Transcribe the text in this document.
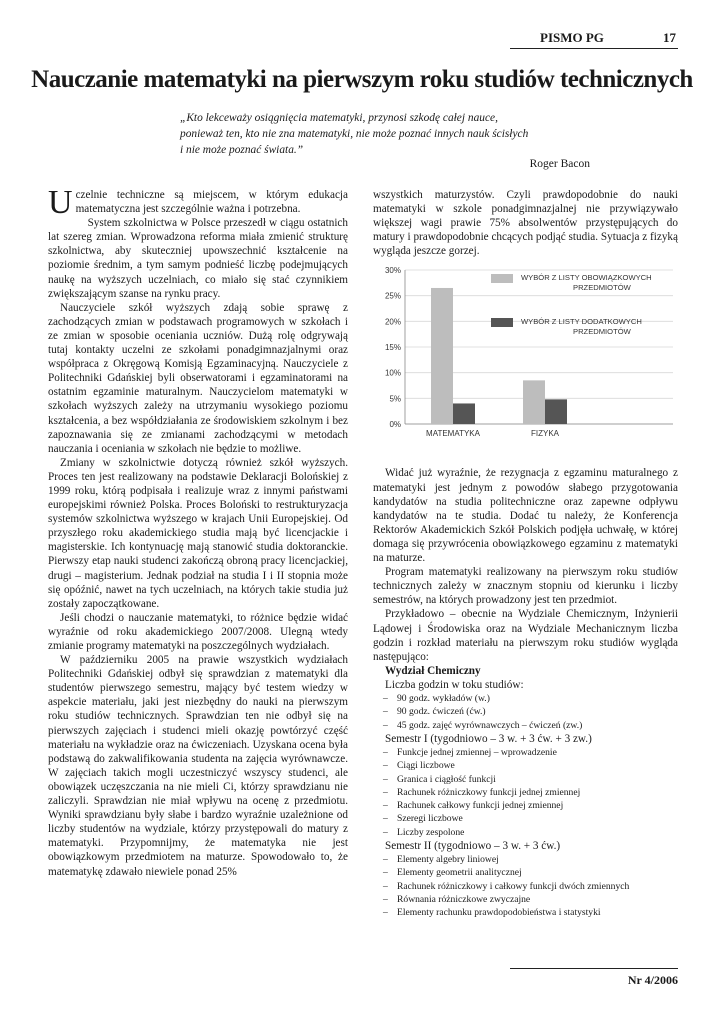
PISMO PG	17
Nauczanie matematyki na pierwszym roku studiów technicznych
„Kto lekceważy osiągnięcia matematyki, przynosi szkodę całej nauce,
ponieważ ten, kto nie zna matematyki, nie może poznać innych nauk ścisłych
i nie może poznać świata.”
Roger Bacon

Uczelnie techniczne są miejscem, w którym edukacja matematyczna jest szczególnie ważna i potrzebna.

System szkolnictwa w Polsce przeszedł w ciągu ostatnich lat szereg zmian. Wprowadzona reforma miała zmienić strukturę szkolnictwa, aby skuteczniej upowszechnić kształcenie na poziomie średnim, a tym samym podnieść liczbę podejmujących naukę na wyższych uczelniach, co miało się stać czynnikiem zwiększającym szanse na rynku pracy.

Nauczyciele szkół wyższych zdają sobie sprawę z zachodzących zmian w podstawach programowych w szkołach i ze zmian w sposobie oceniania uczniów. Dużą rolę odgrywają tutaj kontakty uczelni ze szkołami ponadgimnazjalnymi oraz współpraca z Okręgową Komisją Egzaminacyjną. Nauczyciele z Politechniki Gdańskiej byli obserwatorami i egzaminatorami na ostatnim egzaminie maturalnym. Nauczycielom matematyki w szkołach wyższych zależy na utrzymaniu wysokiego poziomu kształcenia, a bez współdziałania ze środowiskiem szkolnym i bez zapoznawania się ze zmianami zachodzącymi w metodach nauczania i oceniania w szkołach nie będzie to możliwe.

Zmiany w szkolnictwie dotyczą również szkół wyższych. Proces ten jest realizowany na podstawie Deklaracji Bolońskiej z 1999 roku, którą podpisała i realizuje wraz z innymi państwami europejskimi również Polska. Proces Boloński to restrukturyzacja systemów szkolnictwa wyższego w krajach Unii Europejskiej. Od przyszłego roku akademickiego studia mają być licencjackie i magisterskie. Ich kontynuację mają stanowić studia doktoranckie. Pierwszy etap nauki studenci zakończą obroną pracy licencjackiej, drugi – magisterium. Jednak podział na studia I i II stopnia może się opóźnić, nawet na tych uczelniach, na których takie studia już zostały zapoczątkowane.

Jeśli chodzi o nauczanie matematyki, to różnice będzie widać wyraźnie od roku akademickiego 2007/2008. Ulegną wtedy zmianie programy matematyki na poszczególnych wydziałach.

W październiku 2005 na prawie wszystkich wydziałach Politechniki Gdańskiej odbył się sprawdzian z matematyki dla studentów pierwszego semestru, mający być testem wiedzy w aspekcie materiału, jaki jest niezbędny do nauki na pierwszym roku studiów technicznych. Sprawdzian ten nie odbył się na pierwszych zajęciach i studenci mieli okazję powtórzyć część materiału na wykładzie oraz na ćwiczeniach. Uzyskana ocena była podstawą do zakwalifikowania studenta na zajęcia wyrównawcze. W zajęciach takich mogli uczestniczyć wszyscy studenci, ale obowiązek uczęszczania na nie mieli Ci, którzy sprawdzianu nie zaliczyli. Sprawdzian nie miał wpływu na ocenę z przedmiotu. Wyniki sprawdzianu były słabe i bardzo wyraźnie uzależnione od liczby studentów na wydziale, którzy przystępowali do matury z matematyki. Przypomnijmy, że matematyka nie jest obowiązkowym przedmiotem na maturze. Spowodowało to, że matematykę zdawało niewiele ponad 25%

wszystkich maturzystów. Czyli prawdopodobnie do nauki matematyki w szkole ponadgimnazjalnej nie przywiązywało większej wagi prawie 75% absolwentów przystępujących do matury i prawdopodobnie chcących podjąć studia. Sytuacja z fizyką wygląda jeszcze gorzej.

30%
25%
20%
15%
10%
5%
0%
MATEMATYKA	FIZYKA
WYBÓR Z LISTY OBOWIĄZKOWYCH
PRZEDMIOTÓW
WYBÓR Z LISTY DODATKOWYCH
PRZEDMIOTÓW

Widać już wyraźnie, że rezygnacja z egzaminu maturalnego z matematyki jest jednym z powodów słabego przygotowania kandydatów na studia politechniczne oraz zapewne odpływu kandydatów na te studia. Dodać tu należy, że Konferencja Rektorów Akademickich Szkół Polskich podjęła uchwałę, w której domaga się przywrócenia obowiązkowego egzaminu z matematyki na maturze.

Program matematyki realizowany na pierwszym roku studiów technicznych zależy w znacznym stopniu od kierunku i liczby semestrów, na których prowadzony jest ten przedmiot.

Przykładowo – obecnie na Wydziale Chemicznym, Inżynierii Lądowej i Środowiska oraz na Wydziale Mechanicznym liczba godzin i rozkład materiału na pierwszym roku studiów wygląda następująco:

Wydział Chemiczny

Liczba godzin w toku studiów:

– 90 godz. wykładów (w.)
– 90 godz. ćwiczeń (ćw.)
– 45 godz. zajęć wyrównawczych – ćwiczeń (zw.)

Semestr I (tygodniowo – 3 w. + 3 ćw. + 3 zw.)

– Funkcje jednej zmiennej – wprowadzenie
– Ciągi liczbowe
– Granica i ciągłość funkcji
– Rachunek różniczkowy funkcji jednej zmiennej
– Rachunek całkowy funkcji jednej zmiennej
– Szeregi liczbowe
– Liczby zespolone

Semestr II (tygodniowo – 3 w. + 3 ćw.)

– Elementy algebry liniowej
– Elementy geometrii analitycznej
– Rachunek różniczkowy i całkowy funkcji dwóch zmiennych
– Równania różniczkowe zwyczajne
– Elementy rachunku prawdopodobieństwa i statystyki
Nr 4/2006
